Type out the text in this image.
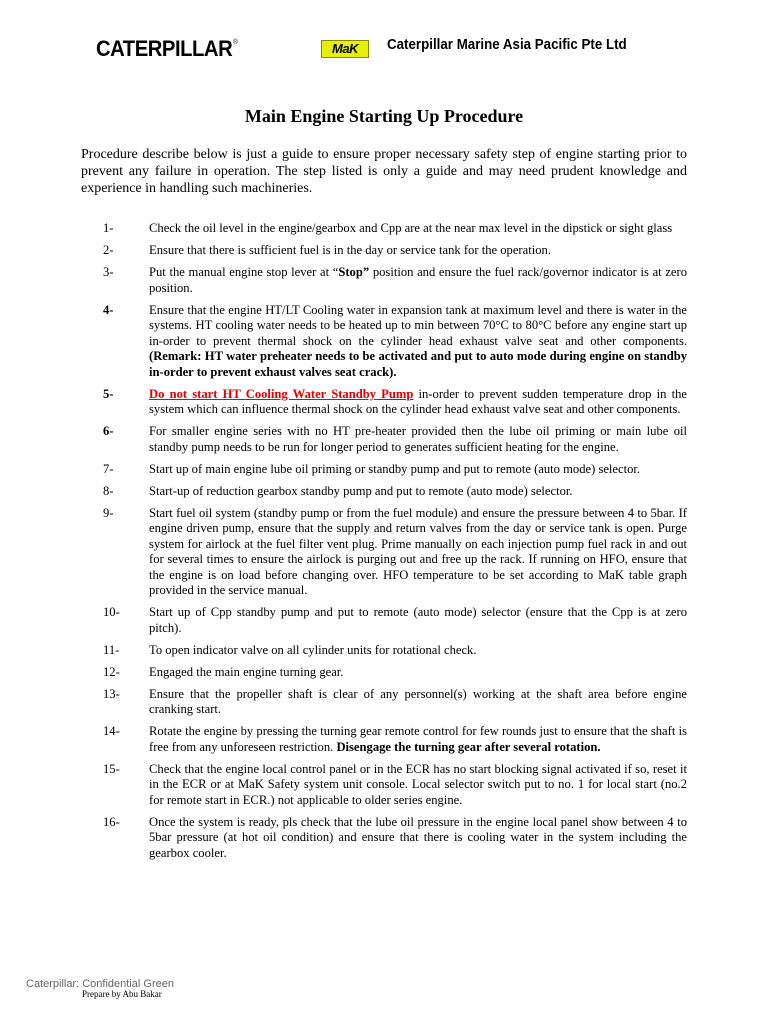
CATERPILLAR®	MaK	Caterpillar Marine Asia Pacific Pte Ltd
Main Engine Starting Up Procedure
Procedure describe below is just a guide to ensure proper necessary safety step of engine starting prior to prevent any failure in operation. The step listed is only a guide and may need prudent knowledge and experience in handling such machineries.
1-	Check the oil level in the engine/gearbox and Cpp are at the near max level in the dipstick or sight glass
2-	Ensure that there is sufficient fuel is in the day or service tank for the operation.
3-	Put the manual engine stop lever at “Stop” position and ensure the fuel rack/governor indicator is at zero position.
4-	Ensure that the engine HT/LT Cooling water in expansion tank at maximum level and there is water in the systems. HT cooling water needs to be heated up to min between 70°C to 80°C before any engine start up in-order to prevent thermal shock on the cylinder head exhaust valve seat and other components. (Remark: HT water preheater needs to be activated and put to auto mode during engine on standby in-order to prevent exhaust valves seat crack).
5-	Do not start HT Cooling Water Standby Pump in-order to prevent sudden temperature drop in the system which can influence thermal shock on the cylinder head exhaust valve seat and other components.
6-	For smaller engine series with no HT pre-heater provided then the lube oil priming or main lube oil standby pump needs to be run for longer period to generates sufficient heating for the engine.
7-	Start up of main engine lube oil priming or standby pump and put to remote (auto mode) selector.
8-	Start-up of reduction gearbox standby pump and put to remote (auto mode) selector.
9-	Start fuel oil system (standby pump or from the fuel module) and ensure the pressure between 4 to 5bar. If engine driven pump, ensure that the supply and return valves from the day or service tank is open. Purge system for airlock at the fuel filter vent plug. Prime manually on each injection pump fuel rack in and out for several times to ensure the airlock is purging out and free up the rack. If running on HFO, ensure that the engine is on load before changing over. HFO temperature to be set according to MaK table graph provided in the service manual.
10-	Start up of Cpp standby pump and put to remote (auto mode) selector (ensure that the Cpp is at zero pitch).
11-	To open indicator valve on all cylinder units for rotational check.
12-	Engaged the main engine turning gear.
13-	Ensure that the propeller shaft is clear of any personnel(s) working at the shaft area before engine cranking start.
14-	Rotate the engine by pressing the turning gear remote control for few rounds just to ensure that the shaft is free from any unforeseen restriction. Disengage the turning gear after several rotation.
15-	Check that the engine local control panel or in the ECR has no start blocking signal activated if so, reset it in the ECR or at MaK Safety system unit console. Local selector switch put to no. 1 for local start (no.2 for remote start in ECR.) not applicable to older series engine.
16-	Once the system is ready, pls check that the lube oil pressure in the engine local panel show between 4 to 5bar pressure (at hot oil condition) and ensure that there is cooling water in the system including the gearbox cooler.
Caterpillar: Confidential Green
Prepare by Abu Bakar
